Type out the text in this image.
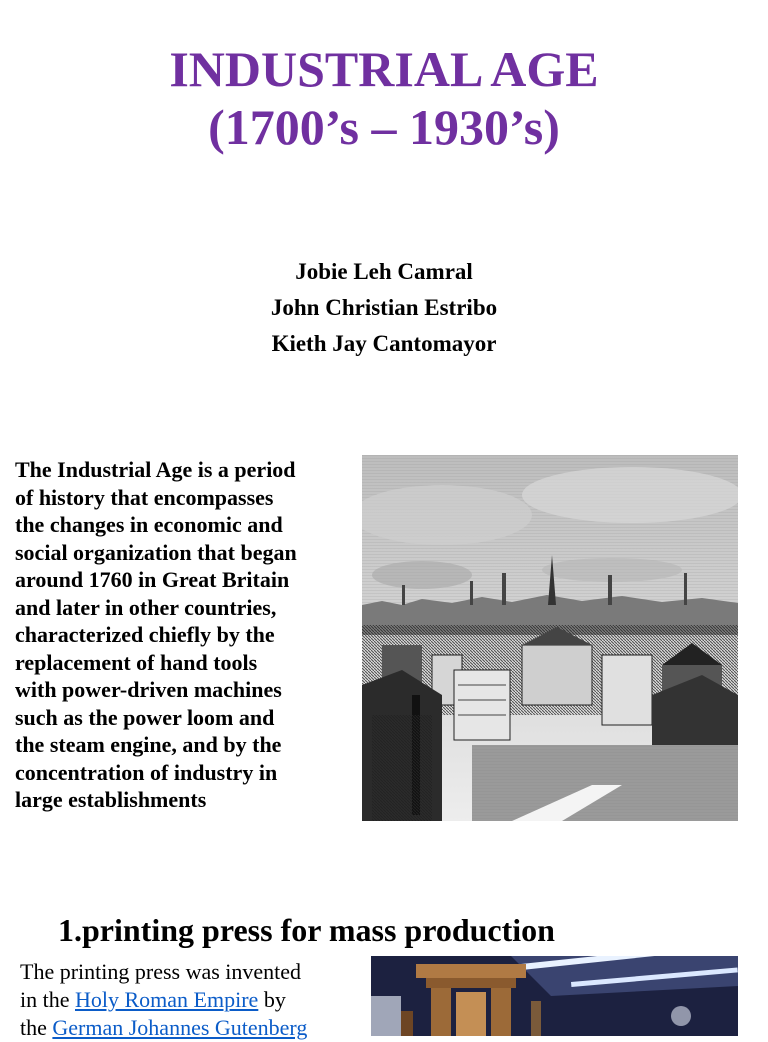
INDUSTRIAL AGE
(1700’s – 1930’s)
Jobie Leh Camral
John Christian Estribo
Kieth Jay Cantomayor
The Industrial Age is a period
of history that encompasses
the changes in economic and
social organization that began
around 1760 in Great Britain
and later in other countries,
characterized chiefly by the
replacement of hand tools
with power-driven machines
such as the power loom and
the steam engine, and by the
concentration of industry in
large establishments
1.printing press for mass production
The printing press was invented
in the Holy Roman Empire by
the German Johannes Gutenberg
